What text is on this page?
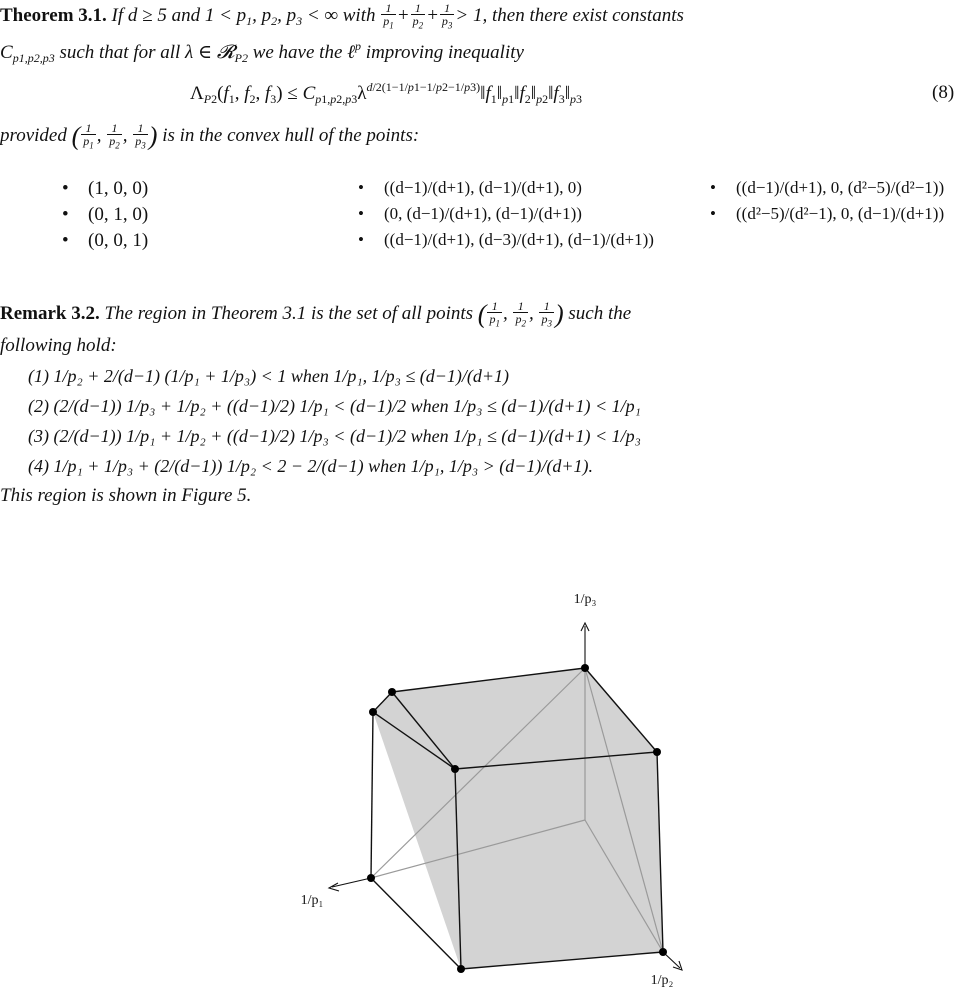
Theorem 3.1. If d ≥ 5 and $1 < p_1$, $p_2$, $p_3$ < ∞ with $\frac{1}{p_1} + \frac{1}{p_2} + \frac{1}{p_3} > 1$, then there exist constants
$C_{p1,p2,p3}$ such that for all λ ∈ 𝓡$_{P2}$ we have the ℓ$^p$ improving inequality
$\Lambda_{P2}(f_1$, $f_2$, $f_3$) ≤ $C_{p1,p2,p3}\lambda^{d/2(1-1/p1-1/p2-1/p3)}‖f_1‖_{p1}‖f_2‖_{p2}‖f_3‖_{p3}$	(8)
provided ( $\frac{1}{p_1}$ , $\frac{1}{p_2}$ , $\frac{1}{p_3}$ ) is in the convex hull of the points:
• (1, 0, 0)
• (0, 1, 0)
• (0, 0, 1)
• ((d−1)/(d+1), (d−1)/(d+1), 0)
• (0, (d−1)/(d+1), (d−1)/(d+1))
• ((d−1)/(d+1), (d−3)/(d+1), (d−1)/(d+1))
• ((d−1)/(d+1), 0, (d²−5)/(d²−1))
• ((d²−5)/(d²−1), 0, (d−1)/(d+1))
Remark 3.2. The region in Theorem 3.1 is the set of all points ( $\frac{1}{p_1}$ , $\frac{1}{p_2}$ , $\frac{1}{p_3}$ ) such the
following hold:
(1) 1/p₂ + 2/(d−1) (1/p₁ + 1/p₃) < 1 when 1/p₁, 1/p₃ ≤ (d−1)/(d+1)
(2) (2/(d−1)) 1/p₃ + 1/p₂ + ((d−1)/2) 1/p₁ < (d−1)/2 when 1/p₃ ≤ (d−1)/(d+1) < 1/p₁
(3) (2/(d−1)) 1/p₁ + 1/p₂ + ((d−1)/2) 1/p₃ < (d−1)/2 when 1/p₁ ≤ (d−1)/(d+1) < 1/p₃
(4) 1/p₁ + 1/p₃ + (2/(d−1)) 1/p₂ < 2 − 2/(d−1) when 1/p₁, 1/p₃ > (d−1)/(d+1).
This region is shown in Figure 5.
1/p₃
1/p₁
1/p₂
